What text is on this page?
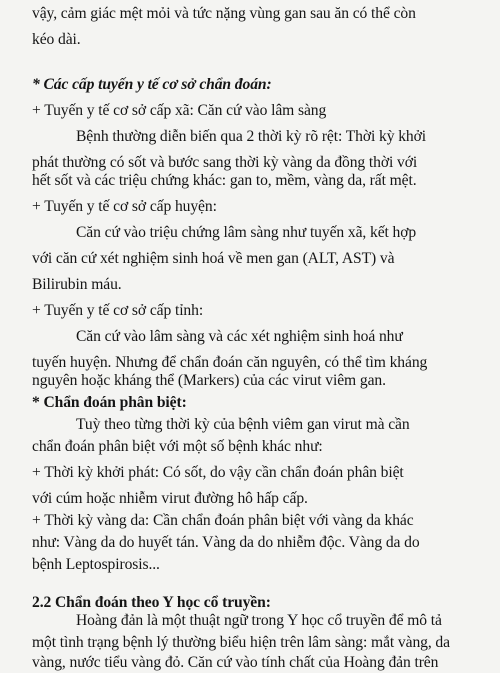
vậy, cảm giác mệt mỏi và tức nặng vùng gan sau ăn có thể còn
kéo dài.
* Các cấp tuyến y tế cơ sở chẩn đoán:
+ Tuyến y tế cơ sở cấp xã: Căn cứ vào lâm sàng
Bệnh thường diễn biến qua 2 thời kỳ rõ rệt: Thời kỳ khởi
phát thường có sốt và bước sang thời kỳ vàng da đồng thời với
hết sốt và các triệu chứng khác: gan to, mềm, vàng da, rất mệt.
+ Tuyến y tế cơ sở cấp huyện:
Căn cứ vào triệu chứng lâm sàng như tuyến xã, kết hợp
với căn cứ xét nghiệm sinh hoá về men gan (ALT, AST) và
Bilirubin máu.
+ Tuyến y tế cơ sở cấp tỉnh:
Căn cứ vào lâm sàng và các xét nghiệm sinh hoá như
tuyến huyện. Nhưng để chẩn đoán căn nguyên, có thể tìm kháng
nguyên hoặc kháng thể (Markers) của các virut viêm gan.
* Chẩn đoán phân biệt:
Tuỳ theo từng thời kỳ của bệnh viêm gan virut mà cần
chẩn đoán phân biệt với một số bệnh khác như:
+ Thời kỳ khởi phát: Có sốt, do vậy cần chẩn đoán phân biệt
với cúm hoặc nhiễm virut đường hô hấp cấp.
+ Thời kỳ vàng da: Cần chẩn đoán phân biệt với vàng da khác
như: Vàng da do huyết tán. Vàng da do nhiễm độc. Vàng da do
bệnh Leptospirosis...
2.2 Chẩn đoán theo Y học cổ truyền:
Hoàng đản là một thuật ngữ trong Y học cổ truyền để mô tả
một tình trạng bệnh lý thường biểu hiện trên lâm sàng: mắt vàng, da
vàng, nước tiểu vàng đỏ. Căn cứ vào tính chất của Hoàng đản trên
